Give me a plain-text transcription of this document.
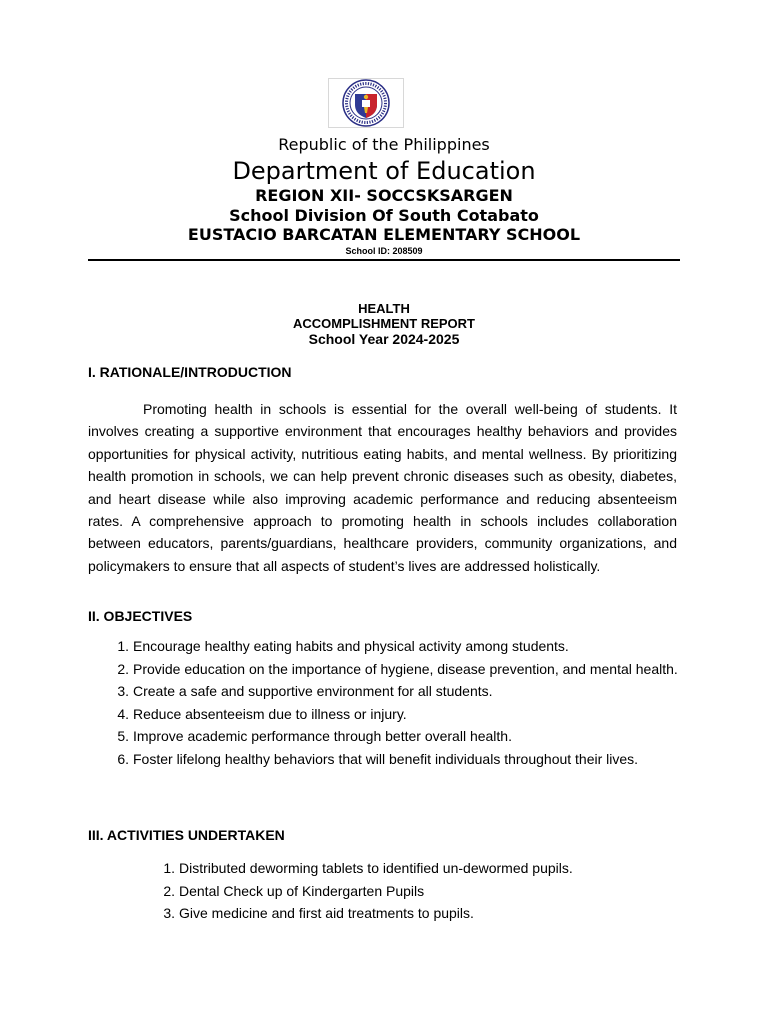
Republic of the Philippines
Department of Education
REGION XII- SOCCSKSARGEN
School Division Of South Cotabato
EUSTACIO BARCATAN ELEMENTARY SCHOOL
School ID: 208509
HEALTH
ACCOMPLISHMENT REPORT
School Year 2024-2025
I. RATIONALE/INTRODUCTION

Promoting health in schools is essential for the overall well-being of students. It involves creating a supportive environment that encourages healthy behaviors and provides opportunities for physical activity, nutritious eating habits, and mental wellness. By prioritizing health promotion in schools, we can help prevent chronic diseases such as obesity, diabetes, and heart disease while also improving academic performance and reducing absenteeism rates. A comprehensive approach to promoting health in schools includes collaboration between educators, parents/guardians, healthcare providers, community organizations, and policymakers to ensure that all aspects of student’s lives are addressed holistically.

II. OBJECTIVES
1. Encourage healthy eating habits and physical activity among students.
2. Provide education on the importance of hygiene, disease prevention, and mental health.
3. Create a safe and supportive environment for all students.
4. Reduce absenteeism due to illness or injury.
5. Improve academic performance through better overall health.
6. Foster lifelong healthy behaviors that will benefit individuals throughout their lives.
III. ACTIVITIES UNDERTAKEN
1. Distributed deworming tablets to identified un-dewormed pupils.
2. Dental Check up of Kindergarten Pupils
3. Give medicine and first aid treatments to pupils.
